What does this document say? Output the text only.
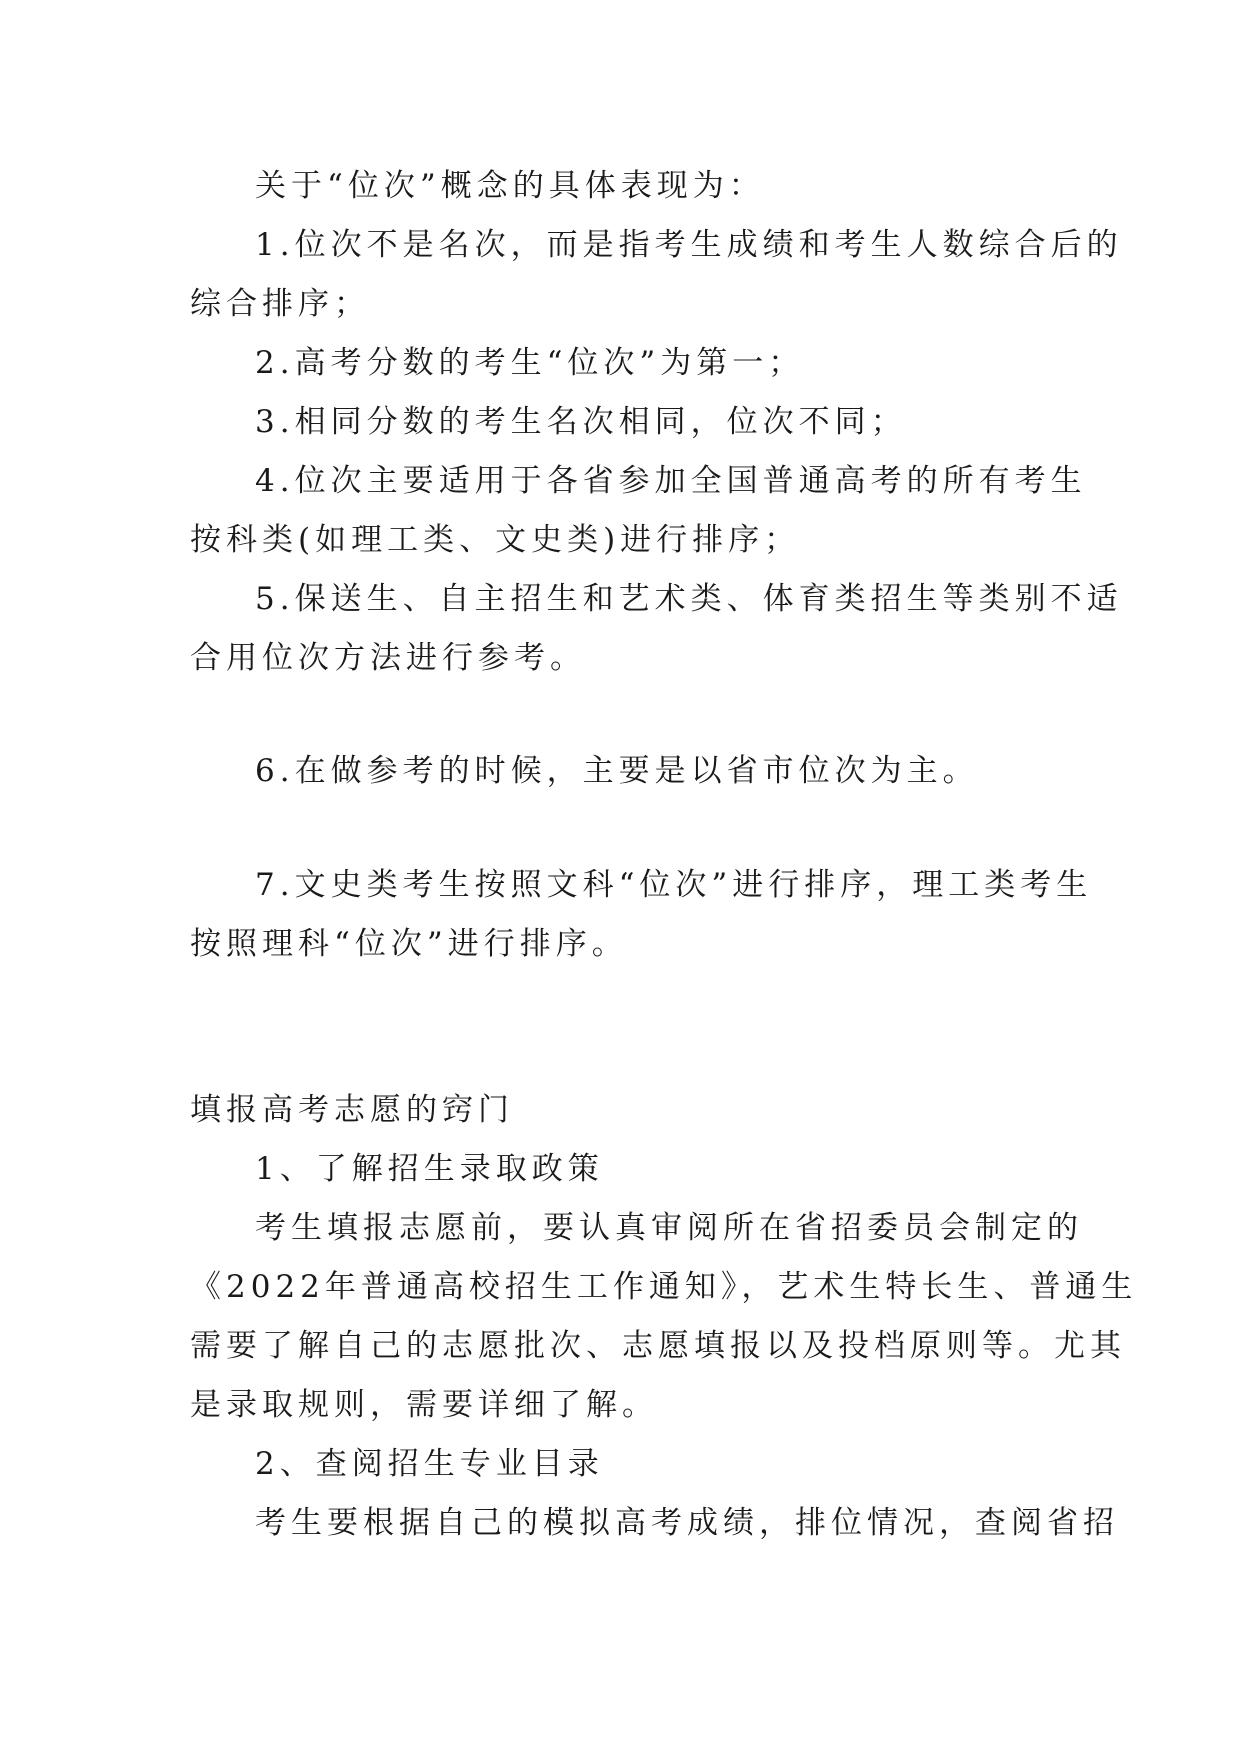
关于“位次”概念的具体表现为：
1.位次不是名次，而是指考生成绩和考生人数综合后的
综合排序；
2.高考分数的考生“位次”为第一；
3.相同分数的考生名次相同，位次不同；
4.位次主要适用于各省参加全国普通高考的所有考生
按科类(如理工类、文史类)进行排序；
5.保送生、自主招生和艺术类、体育类招生等类别不适
合用位次方法进行参考。
6.在做参考的时候，主要是以省市位次为主。
7.文史类考生按照文科“位次”进行排序，理工类考生
按照理科“位次”进行排序。
填报高考志愿的窍门
1、了解招生录取政策
考生填报志愿前，要认真审阅所在省招委员会制定的
《2022年普通高校招生工作通知》，艺术生特长生、普通生
需要了解自己的志愿批次、志愿填报以及投档原则等。尤其
是录取规则，需要详细了解。
2、查阅招生专业目录
考生要根据自己的模拟高考成绩，排位情况，查阅省招
